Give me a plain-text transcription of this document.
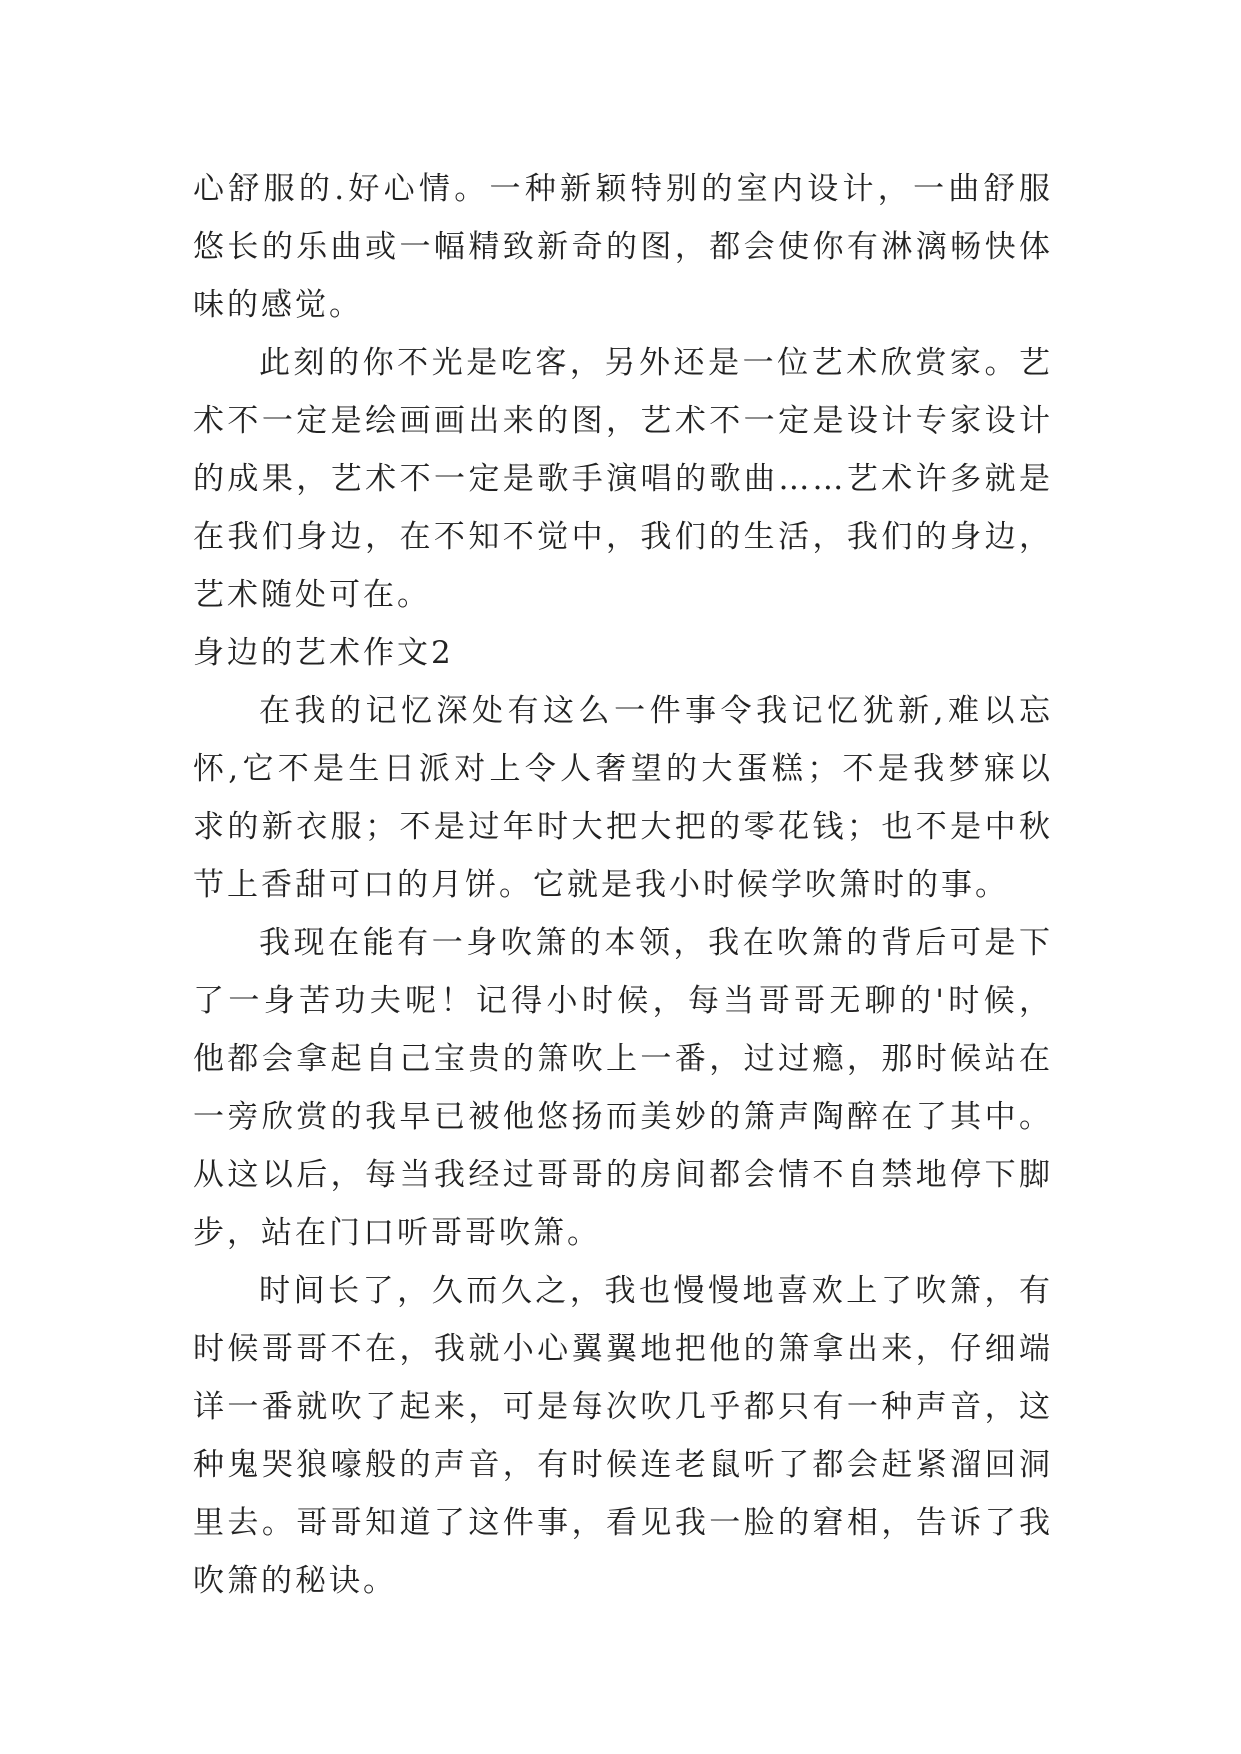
心舒服的.好心情。一种新颖特别的室内设计，一曲舒服悠长的乐曲或一幅精致新奇的图，都会使你有淋漓畅快体味的感觉。

此刻的你不光是吃客，另外还是一位艺术欣赏家。艺术不一定是绘画画出来的图，艺术不一定是设计专家设计的成果，艺术不一定是歌手演唱的歌曲……艺术许多就是在我们身边，在不知不觉中，我们的生活，我们的身边，艺术随处可在。

身边的艺术作文2

在我的记忆深处有这么一件事令我记忆犹新,难以忘怀,它不是生日派对上令人奢望的大蛋糕；不是我梦寐以求的新衣服；不是过年时大把大把的零花钱；也不是中秋节上香甜可口的月饼。它就是我小时候学吹箫时的事。

我现在能有一身吹箫的本领，我在吹箫的背后可是下了一身苦功夫呢！记得小时候，每当哥哥无聊的'时候，他都会拿起自己宝贵的箫吹上一番，过过瘾，那时候站在一旁欣赏的我早已被他悠扬而美妙的箫声陶醉在了其中。从这以后，每当我经过哥哥的房间都会情不自禁地停下脚步，站在门口听哥哥吹箫。

时间长了，久而久之，我也慢慢地喜欢上了吹箫，有时候哥哥不在，我就小心翼翼地把他的箫拿出来，仔细端详一番就吹了起来，可是每次吹几乎都只有一种声音，这种鬼哭狼嚎般的声音，有时候连老鼠听了都会赶紧溜回洞里去。哥哥知道了这件事，看见我一脸的窘相，告诉了我吹箫的秘诀。
